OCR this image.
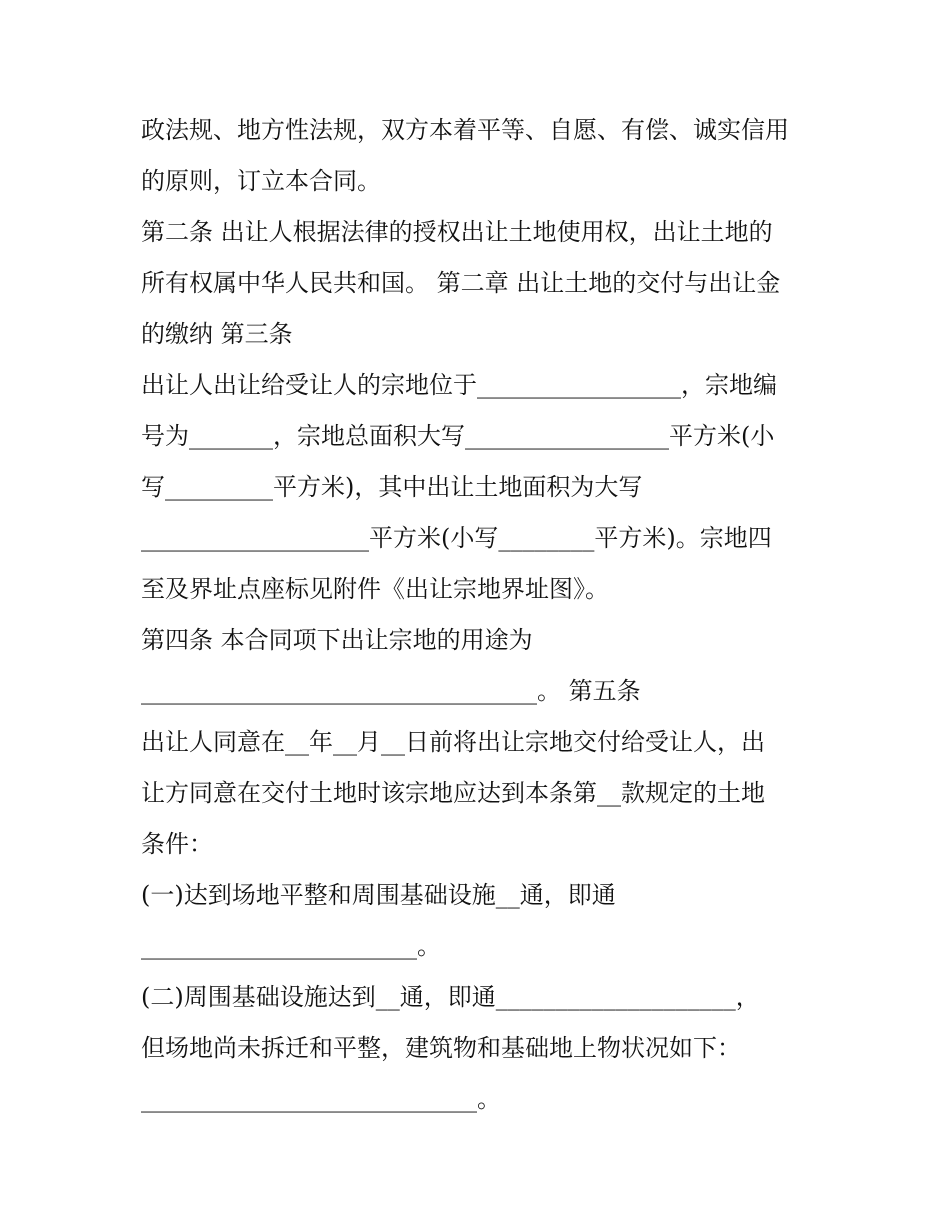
政法规、地方性法规，双方本着平等、自愿、有偿、诚实信用
的原则，订立本合同。
第二条 出让人根据法律的授权出让土地使用权，出让土地的
所有权属中华人民共和国。 第二章 出让土地的交付与出让金
的缴纳 第三条
出让人出让给受让人的宗地位于_________________，宗地编
号为_______，宗地总面积大写_________________平方米(小
写_________平方米)，其中出让土地面积为大写
___________________平方米(小写________平方米)。宗地四
至及界址点座标见附件《出让宗地界址图》。
第四条 本合同项下出让宗地的用途为
_________________________________。 第五条
出让人同意在__年__月__日前将出让宗地交付给受让人，出
让方同意在交付土地时该宗地应达到本条第__款规定的土地
条件：
(一)达到场地平整和周围基础设施__通，即通
_______________________。
(二)周围基础设施达到__通，即通____________________，
但场地尚未拆迁和平整，建筑物和基础地上物状况如下：
____________________________。
